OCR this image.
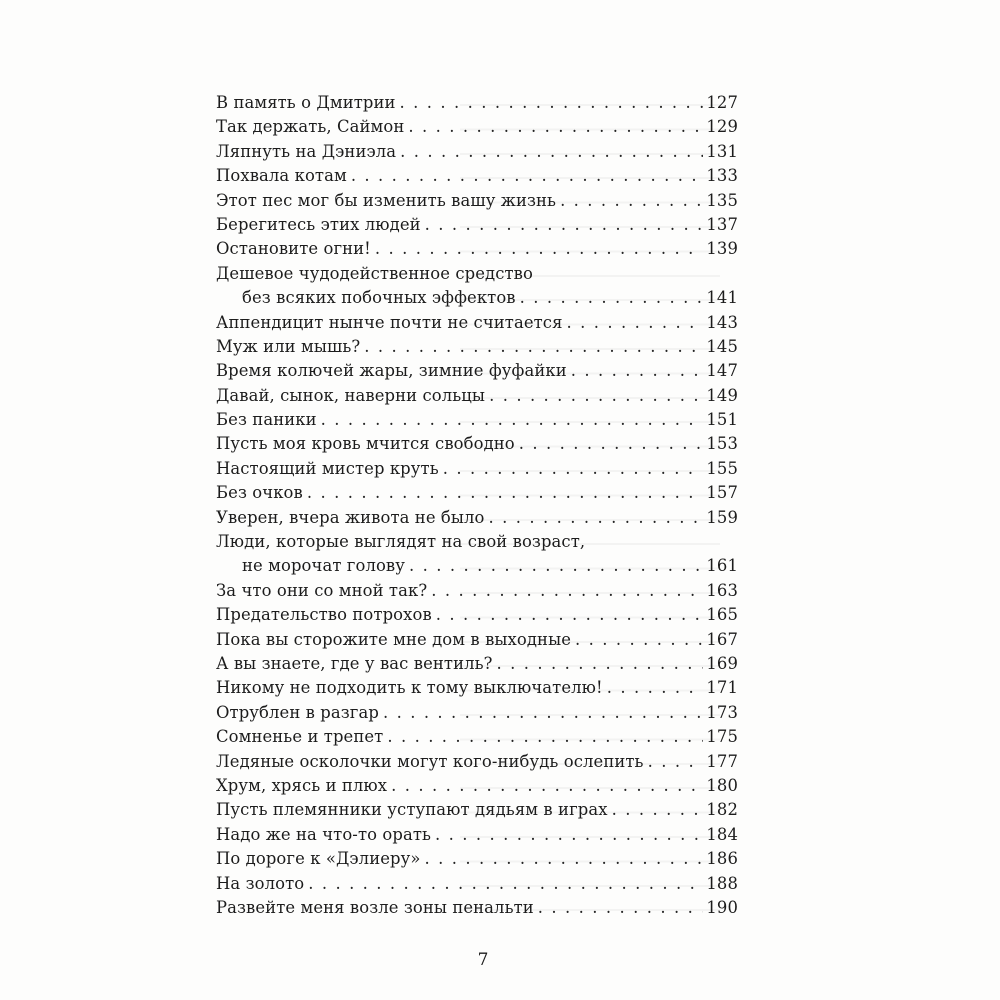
В память о Дмитрии . . .	127
Так держать, Саймон . . .	129
Ляпнуть на Дэниэла . . .	131
Похвала котам . . .	133
Этот пес мог бы изменить вашу жизнь . . .	135
Берегитесь этих людей . . .	137
Остановите огни! . . .	139
Дешевое чудодейственное средство
без всяких побочных эффектов . . .	141
Аппендицит нынче почти не считается . . .	143
Муж или мышь? . . .	145
Время колючей жары, зимние фуфайки . . .	147
Давай, сынок, наверни сольцы . . .	149
Без паники . . .	151
Пусть моя кровь мчится свободно . . .	153
Настоящий мистер круть . . .	155
Без очков . . .	157
Уверен, вчера живота не было . . .	159
Люди, которые выглядят на свой возраст,
не морочат голову . . .	161
За что они со мной так? . . .	163
Предательство потрохов . . .	165
Пока вы сторожите мне дом в выходные . . .	167
А вы знаете, где у вас вентиль? . . .	169
Никому не подходить к тому выключателю! . . .	171
Отрублен в разгар . . .	173
Сомненье и трепет . . .	175
Ледяные осколочки могут кого-нибудь ослепить . . .	177
Хрум, хрясь и плюх . . .	180
Пусть племянники уступают дядьям в играх . . .	182
Надо же на что-то орать . . .	184
По дороге к «Дэлиеру» . . .	186
На золото . . .	188
Развейте меня возле зоны пенальти . . .	190
7
